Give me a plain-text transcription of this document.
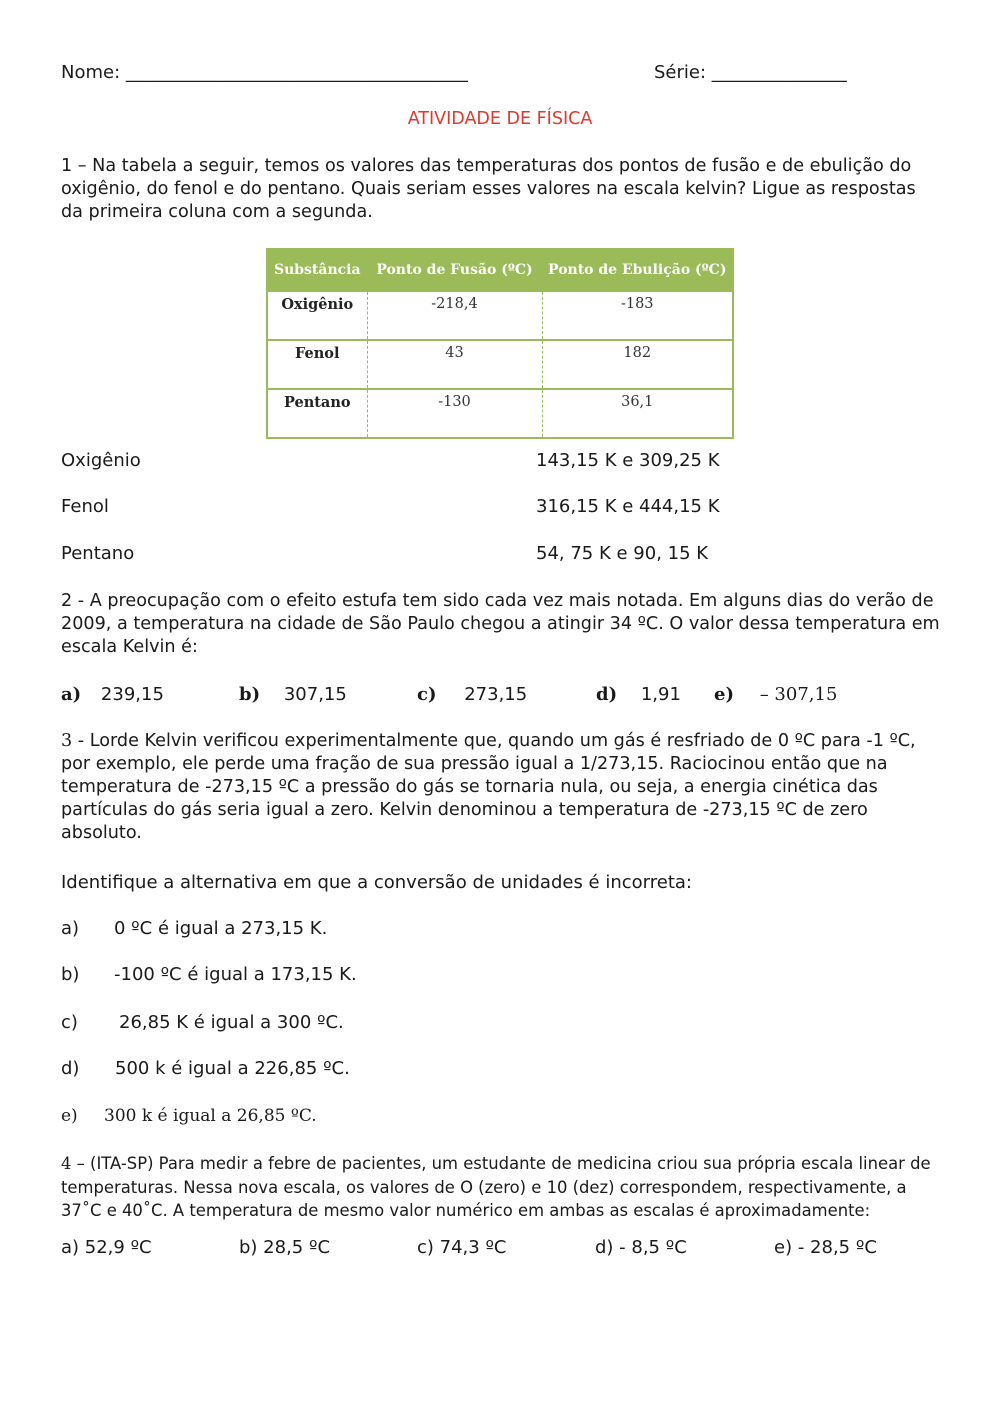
Nome: ______________________________________	Série: _______________
ATIVIDADE DE FÍSICA
1 – Na tabela a seguir, temos os valores das temperaturas dos pontos de fusão e de ebulição do oxigênio, do fenol e do pentano. Quais seriam esses valores na escala kelvin? Ligue as respostas da primeira coluna com a segunda.
Substância	Ponto de Fusão (ºC)	Ponto de Ebulição (ºC)
Oxigênio	-218,4	-183
Fenol	43	182
Pentano	-130	36,1
Oxigênio	143,15 K e 309,25 K
Fenol	316,15 K e 444,15 K
Pentano	54, 75 K e 90, 15 K
2 - A preocupação com o efeito estufa tem sido cada vez mais notada. Em alguns dias do verão de 2009, a temperatura na cidade de São Paulo chegou a atingir 34 ºC. O valor dessa temperatura em escala Kelvin é:
a) 239,15	b) 307,15	c) 273,15	d) 1,91 e) – 307,15
3 - Lorde Kelvin verificou experimentalmente que, quando um gás é resfriado de 0 ºC para -1 ºC, por exemplo, ele perde uma fração de sua pressão igual a 1/273,15. Raciocinou então que na temperatura de -273,15 ºC a pressão do gás se tornaria nula, ou seja, a energia cinética das partículas do gás seria igual a zero. Kelvin denominou a temperatura de -273,15 ºC de zero absoluto.
Identifique a alternativa em que a conversão de unidades é incorreta:
a) 0 ºC é igual a 273,15 K.
b) -100 ºC é igual a 173,15 K.
c) 26,85 K é igual a 300 ºC.
d) 500 k é igual a 226,85 ºC.
e) 300 k é igual a 26,85 ºC.
4 – (ITA-SP) Para medir a febre de pacientes, um estudante de medicina criou sua própria escala linear de temperaturas. Nessa nova escala, os valores de O (zero) e 10 (dez) correspondem, respectivamente, a 37˚C e 40˚C. A temperatura de mesmo valor numérico em ambas as escalas é aproximadamente:
a) 52,9 ºC	b) 28,5 ºC	c) 74,3 ºC	d) - 8,5 ºC	e) - 28,5 ºC
